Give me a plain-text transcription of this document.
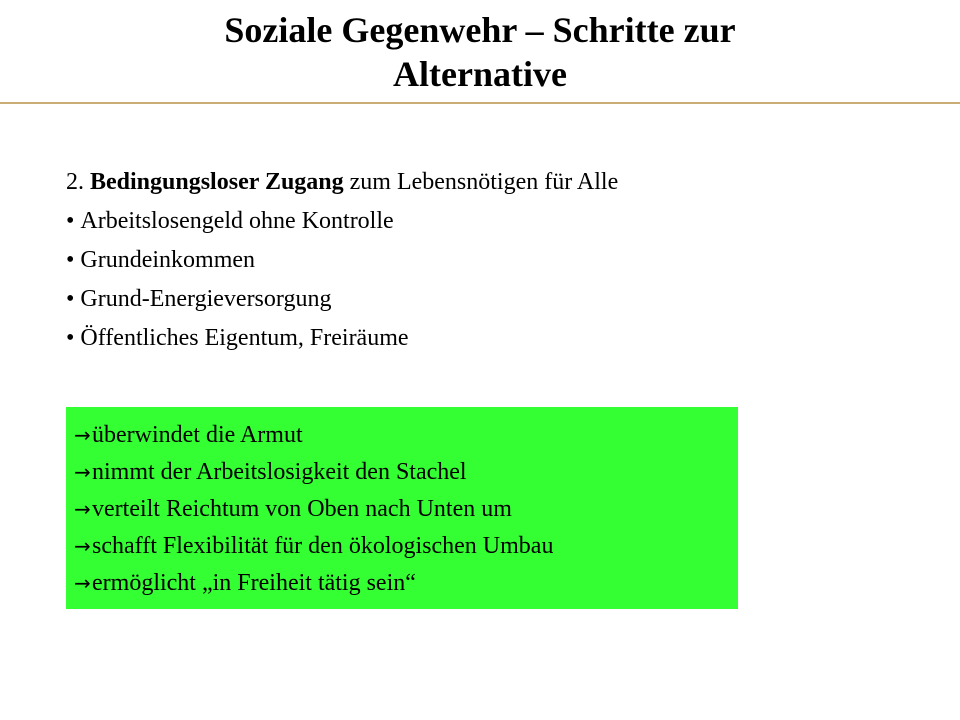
Soziale Gegenwehr – Schritte zur
Alternative

2. Bedingungsloser Zugang zum Lebensnötigen für Alle

• Arbeitslosengeld ohne Kontrolle

• Grundeinkommen

• Grund-Energieversorgung

• Öffentliches Eigentum, Freiräume

→ überwindet die Armut
→ nimmt der Arbeitslosigkeit den Stachel
→ verteilt Reichtum von Oben nach Unten um
→ schafft Flexibilität für den ökologischen Umbau
→ ermöglicht „in Freiheit tätig sein“
